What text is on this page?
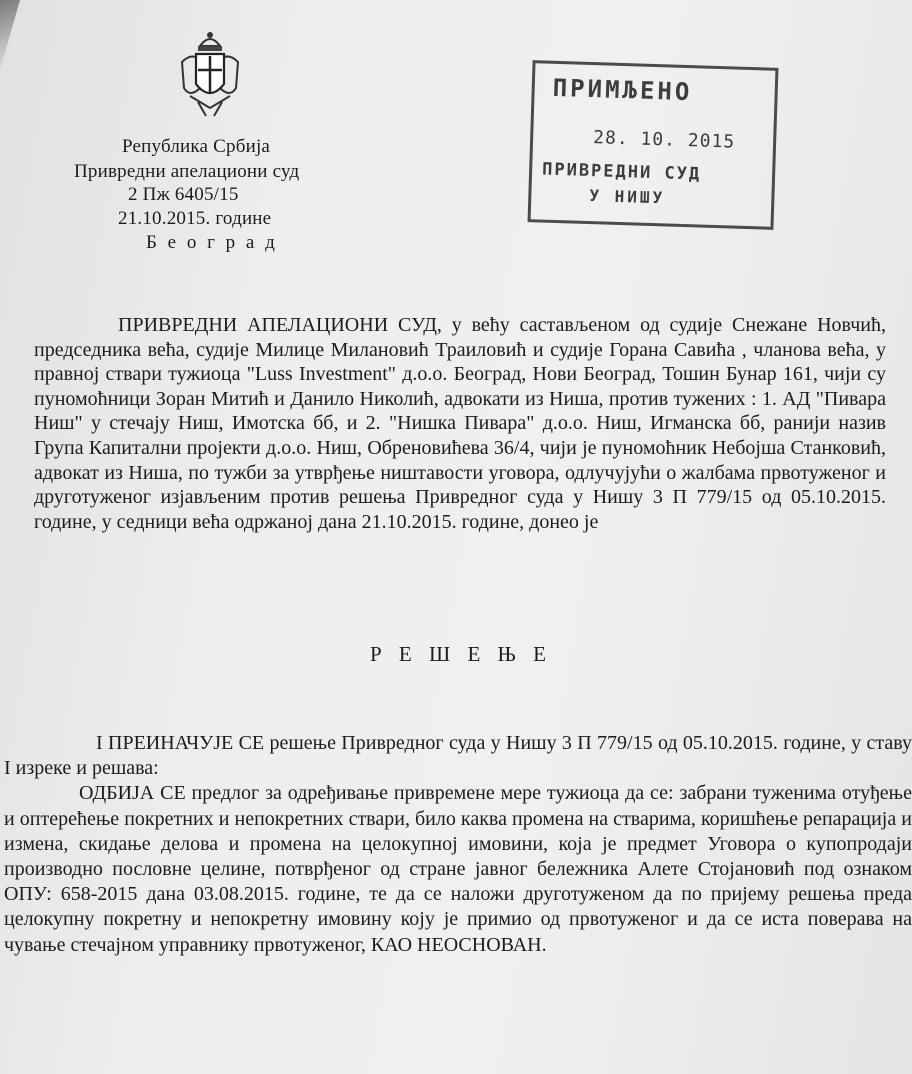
Република Србија
Привредни апелациони суд
2 Пж 6405/15
21.10.2015. године
Б е о г р а д
ПРИМЉЕНО
28. 10. 2015
ПРИВРЕДНИ СУД
У НИШУ

ПРИВРЕДНИ АПЕЛАЦИОНИ СУД, у већу састављеном од судије Снежане Новчић, председника већа, судије Милице Милановић Траиловић и судије Горана Савића , чланова већа, у правној ствари тужиоца "Luss Investment" д.о.о. Београд, Нови Београд, Тошин Бунар 161, чији су пуномоћници Зоран Митић и Данило Николић, адвокати из Ниша, против тужених : 1. АД "Пивара Ниш" у стечају Ниш, Имотска бб, и 2. "Нишка Пивара" д.о.о. Ниш, Игманска бб, ранији назив Група Капитални пројекти д.о.о. Ниш, Обреновићева 36/4, чији је пуномоћник Небојша Станковић, адвокат из Ниша, по тужби за утврђење ништавости уговора, одлучујући о жалбама првотуженог и друготуженог изјављеним против решења Привредног суда у Нишу 3 П 779/15 од 05.10.2015. године, у седници већа одржаној дана 21.10.2015. године, донео је

Р Е Ш Е Њ Е

I ПРЕИНАЧУЈЕ СЕ решење Привредног суда у Нишу 3 П 779/15 од 05.10.2015. године, у ставу I изреке и решава:

ОДБИЈА СЕ предлог за одређивање привремене мере тужиоца да се: забрани туженима отуђење и оптерећење покретних и непокретних ствари, било каква промена на стварима, коришћење репарација и измена, скидање делова и промена на целокупној имовини, која је предмет Уговора о купопродаји производно пословне целине, потврђеног од стране јавног бележника Алете Стојановић под ознаком ОПУ: 658-2015 дана 03.08.2015. године, те да се наложи друготуженом да по пријему решења преда целокупну покретну и непокретну имовину коју је примио од првотуженог и да се иста поверава на чување стечајном управнику првотуженог, КАО НЕОСНОВАН.
